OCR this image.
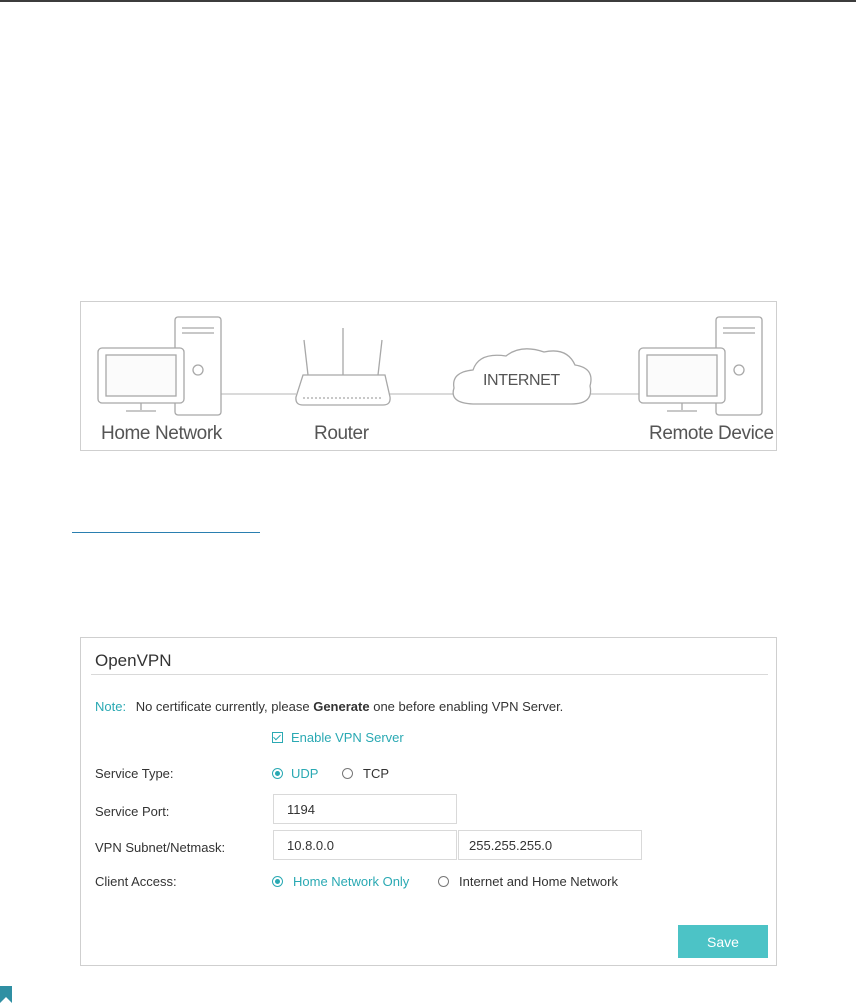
Home Network	Router
INTERNET
Remote Device
OpenVPN
Note: No certificate currently, please Generate one before enabling VPN Server.
Enable VPN Server
Service Type:	UDP	TCP
Service Port:
1194
VPN Subnet/Netmask:
10.8.0.0
255.255.255.0
Client Access:	Home Network Only	Internet and Home Network
Save
